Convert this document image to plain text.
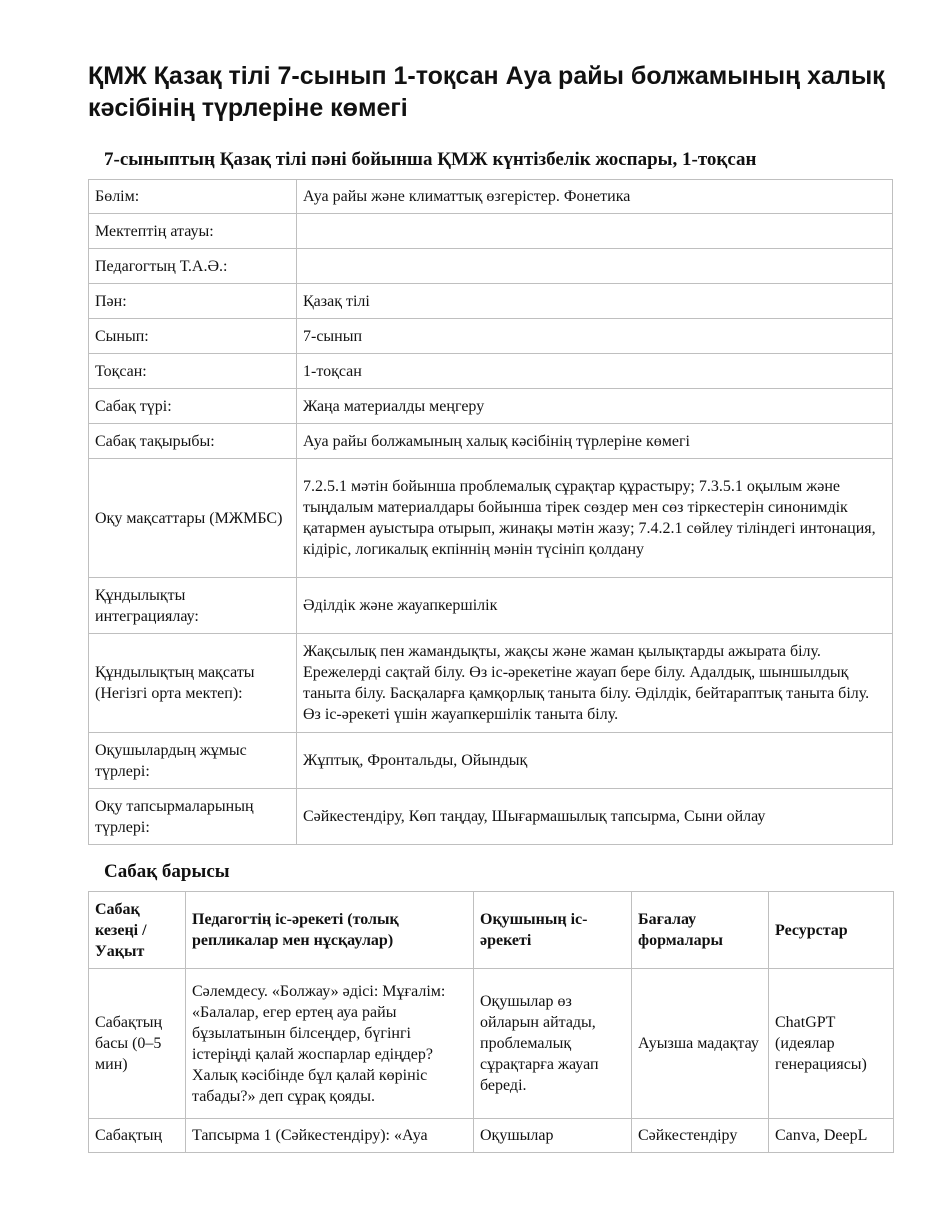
ҚМЖ Қазақ тілі 7-сынып 1-тоқсан Ауа райы болжамының халық кәсібінің түрлеріне көмегі
7-сыныптың Қазақ тілі пәні бойынша ҚМЖ күнтізбелік жоспары, 1-тоқсан
Бөлім:	Ауа райы және климаттық өзгерістер. Фонетика
Мектептің атауы:	
Педагогтың Т.А.Ә.:	
Пән:	Қазақ тілі
Сынып:	7-сынып
Тоқсан:	1-тоқсан
Сабақ түрі:	Жаңа материалды меңгеру
Сабақ тақырыбы:	Ауа райы болжамының халық кәсібінің түрлеріне көмегі
Оқу мақсаттары (МЖМБС)	7.2.5.1 мәтін бойынша проблемалық сұрақтар құрастыру; 7.3.5.1 оқылым және тыңдалым материалдары бойынша тірек сөздер мен сөз тіркестерін синонимдік қатармен ауыстыра отырып, жинақы мәтін жазу; 7.4.2.1 сөйлеу тіліндегі интонация, кідіріс, логикалық екпіннің мәнін түсініп қолдану
Құндылықты интеграциялау:	Әділдік және жауапкершілік
Құндылықтың мақсаты (Негізгі орта мектеп):	Жақсылық пен жамандықты, жақсы және жаман қылықтарды ажырата білу. Ережелерді сақтай білу. Өз іс-әрекетіне жауап бере білу. Адалдық, шыншылдық таныта білу. Басқаларға қамқорлық таныта білу. Әділдік, бейтараптық таныта білу. Өз іс-әрекеті үшін жауапкершілік таныта білу.
Оқушылардың жұмыс түрлері:	Жұптық, Фронтальды, Ойындық
Оқу тапсырмаларының түрлері:	Сәйкестендіру, Көп таңдау, Шығармашылық тапсырма, Сыни ойлау
Сабақ барысы
Сабақ кезеңі / Уақыт	Педагогтің іс-әрекеті (толық репликалар мен нұсқаулар)	Оқушының іс-әрекеті	Бағалау формалары	Ресурстар
Сабақтың басы (0–5 мин)	Сәлемдесу. «Болжау» әдісі: Мұғалім: «Балалар, егер ертең ауа райы бұзылатынын білсеңдер, бүгінгі істеріңді қалай жоспарлар едіңдер? Халық кәсібінде бұл қалай көрініс табады?» деп сұрақ қояды.	Оқушылар өз ойларын айтады, проблемалық сұрақтарға жауап береді.	Ауызша мадақтау	ChatGPT (идеялар генерациясы)
Сабақтың	Тапсырма 1 (Сәйкестендіру): «Ауа	Оқушылар	Сәйкестендіру	Canva, DeepL
